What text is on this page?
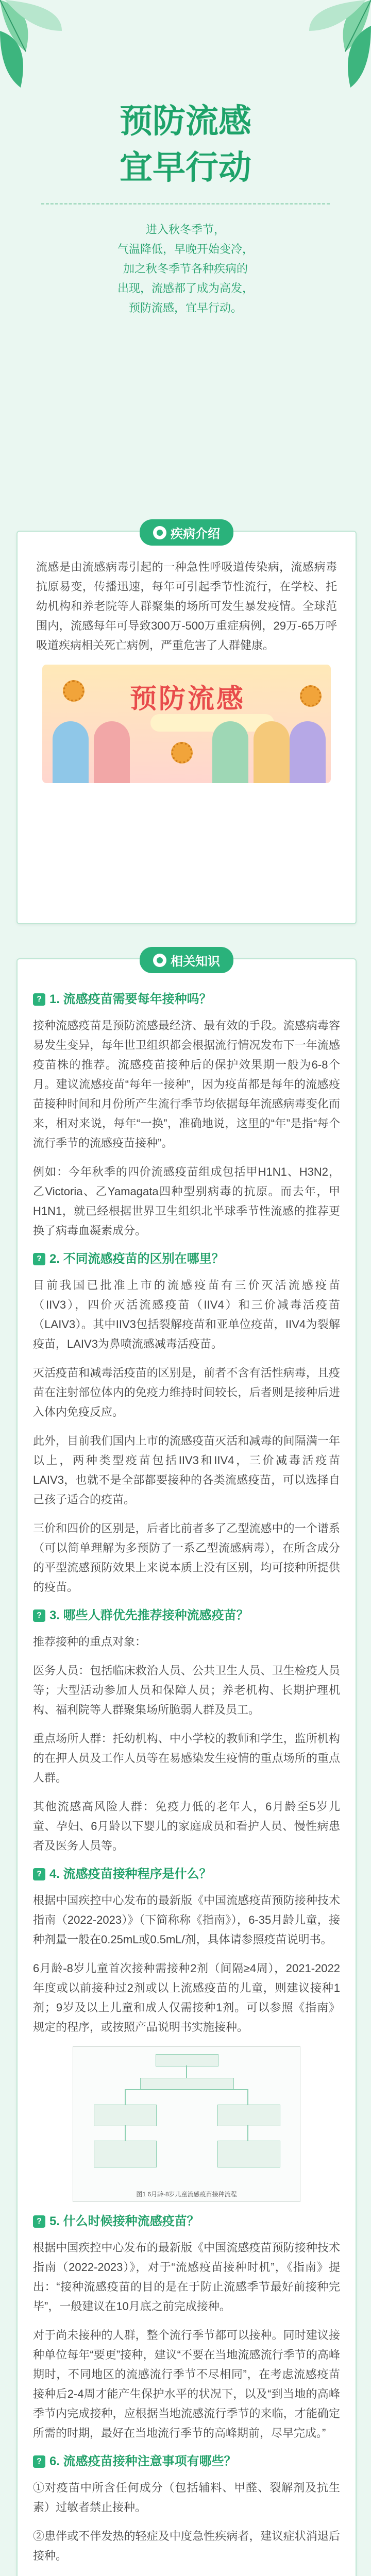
预防流感
宜早行动

进入秋冬季节，

气温降低，早晚开始变冷，

加之秋冬季节各种疾病的

出现，流感都了成为高发，

预防流感，宜早行动。

疾病介绍

流感是由流感病毒引起的一种急性呼吸道传染病，流感病毒抗原易变，传播迅速，每年可引起季节性流行，在学校、托幼机构和养老院等人群聚集的场所可发生暴发疫情。全球范围内，流感每年可导致300万-500万重症病例，29万-65万呼吸道疾病相关死亡病例，严重危害了人群健康。

预防流感
相关知识
? 1. 流感疫苗需要每年接种吗？

接种流感疫苗是预防流感最经济、最有效的手段。流感病毒容易发生变异，每年世卫组织都会根据流行情况发布下一年流感疫苗株的推荐。流感疫苗接种后的保护效果期一般为6-8个月。建议流感疫苗“每年一接种”，因为疫苗都是每年的流感疫苗接种时间和月份所产生流行季节均依据每年流感病毒变化而来，相对来说，每年“一换”，准确地说，这里的“年”是指“每个流行季节的流感疫苗接种”。

例如：今年秋季的四价流感疫苗组成包括甲H1N1、H3N2，乙Victoria、乙Yamagata四种型别病毒的抗原。而去年，甲H1N1，就已经根据世界卫生组织北半球季节性流感的推荐更换了病毒血凝素成分。

? 2. 不同流感疫苗的区别在哪里？

目前我国已批准上市的流感疫苗有三价灭活流感疫苗（IIV3），四价灭活流感疫苗（IIV4）和三价减毒活疫苗（LAIV3）。其中IIV3包括裂解疫苗和亚单位疫苗，IIV4为裂解疫苗，LAIV3为鼻喷流感减毒活疫苗。

灭活疫苗和减毒活疫苗的区别是，前者不含有活性病毒，且疫苗在注射部位体内的免疫力维持时间较长，后者则是接种后进入体内免疫反应。

此外，目前我们国内上市的流感疫苗灭活和减毒的间隔满一年以上，两种类型疫苗包括IIV3和IIV4，三价减毒活疫苗LAIV3，也就不是全部都要接种的各类流感疫苗，可以选择自己孩子适合的疫苗。

三价和四价的区别是，后者比前者多了乙型流感中的一个谱系（可以简单理解为多预防了一系乙型流感病毒），在所含成分的平型流感预防效果上来说本质上没有区别，均可接种所提供的疫苗。

? 3. 哪些人群优先推荐接种流感疫苗？

推荐接种的重点对象：

医务人员：包括临床救治人员、公共卫生人员、卫生检疫人员等；大型活动参加人员和保障人员；养老机构、长期护理机构、福利院等人群聚集场所脆弱人群及员工。

重点场所人群：托幼机构、中小学校的教师和学生，监所机构的在押人员及工作人员等在易感染发生疫情的重点场所的重点人群。

其他流感高风险人群：免疫力低的老年人，6月龄至5岁儿童、孕妇、6月龄以下婴儿的家庭成员和看护人员、慢性病患者及医务人员等。

? 4. 流感疫苗接种程序是什么？

根据中国疾控中心发布的最新版《中国流感疫苗预防接种技术指南（2022-2023）》（下简称称《指南》），6-35月龄儿童，接种剂量一般在0.25mL或0.5mL/剂，具体请参照疫苗说明书。

6月龄-8岁儿童首次接种需接种2剂（间隔≥4周），2021-2022年度或以前接种过2剂或以上流感疫苗的儿童，则建议接种1剂；9岁及以上儿童和成人仅需接种1剂。可以参照《指南》规定的程序，或按照产品说明书实施接种。

图1 6月龄-8岁儿童流感疫苗接种流程
? 5. 什么时候接种流感疫苗？

根据中国疾控中心发布的最新版《中国流感疫苗预防接种技术指南（2022-2023）》，对于“流感疫苗接种时机”，《指南》提出：“接种流感疫苗的目的是在于防止流感季节最好前接种完毕”，一般建议在10月底之前完成接种。

对于尚未接种的人群，整个流行季节都可以接种。同时建议接种单位每年“要更”接种，建议“不要在当地流感流行季节的高峰期时，不同地区的流感流行季节不尽相同”，在考虑流感疫苗接种后2-4周才能产生保护水平的状况下，以及“到当地的高峰季节内完成接种，应根据当地流感流行季节的来临，才能确定所需的时期，最好在当地流行季节的高峰期前，尽早完成。”

? 6. 流感疫苗接种注意事项有哪些？

①对疫苗中所含任何成分（包括辅料、甲醛、裂解剂及抗生素）过敏者禁止接种。

②患伴或不伴发热的轻症及中度急性疾病者，建议症状消退后接种。
